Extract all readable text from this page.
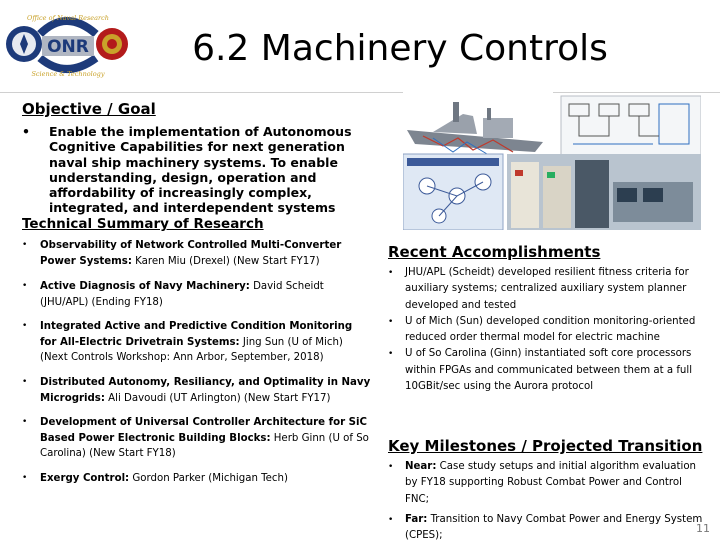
Office of Naval Research
Science & Technology
ONR	6.2 Machinery Controls
Objective / Goal
• Enable the implementation of Autonomous Cognitive Capabilities for next generation naval ship machinery systems. To enable understanding, design, operation and affordability of increasingly complex, integrated, and interdependent systems
Technical Summary of Research
• Observability of Network Controlled Multi-Converter Power Systems: Karen Miu (Drexel) (New Start FY17)
• Active Diagnosis of Navy Machinery: David Scheidt (JHU/APL) (Ending FY18)
• Integrated Active and Predictive Condition Monitoring for All-Electric Drivetrain Systems: Jing Sun (U of Mich) (Next Controls Workshop: Ann Arbor, September, 2018)
• Distributed Autonomy, Resiliancy, and Optimality in Navy Microgrids: Ali Davoudi (UT Arlington) (New Start FY17)
• Development of Universal Controller Architecture for SiC Based Power Electronic Building Blocks: Herb Ginn (U of So Carolina) (New Start FY18)
• Exergy Control: Gordon Parker (Michigan Tech)
Recent Accomplishments
• JHU/APL (Scheidt) developed resilient fitness criteria for auxiliary systems; centralized auxiliary system planner developed and tested
• U of Mich (Sun) developed condition monitoring-oriented reduced order thermal model for electric machine
• U of So Carolina (Ginn) instantiated soft core processors within FPGAs and communicated between them at a full 10GBit/sec using the Aurora protocol
Key Milestones / Projected Transition
• Near: Case study setups and initial algorithm evaluation by FY18 supporting Robust Combat Power and Control FNC;
• Far: Transition to Navy Combat Power and Energy System (CPES);
11
